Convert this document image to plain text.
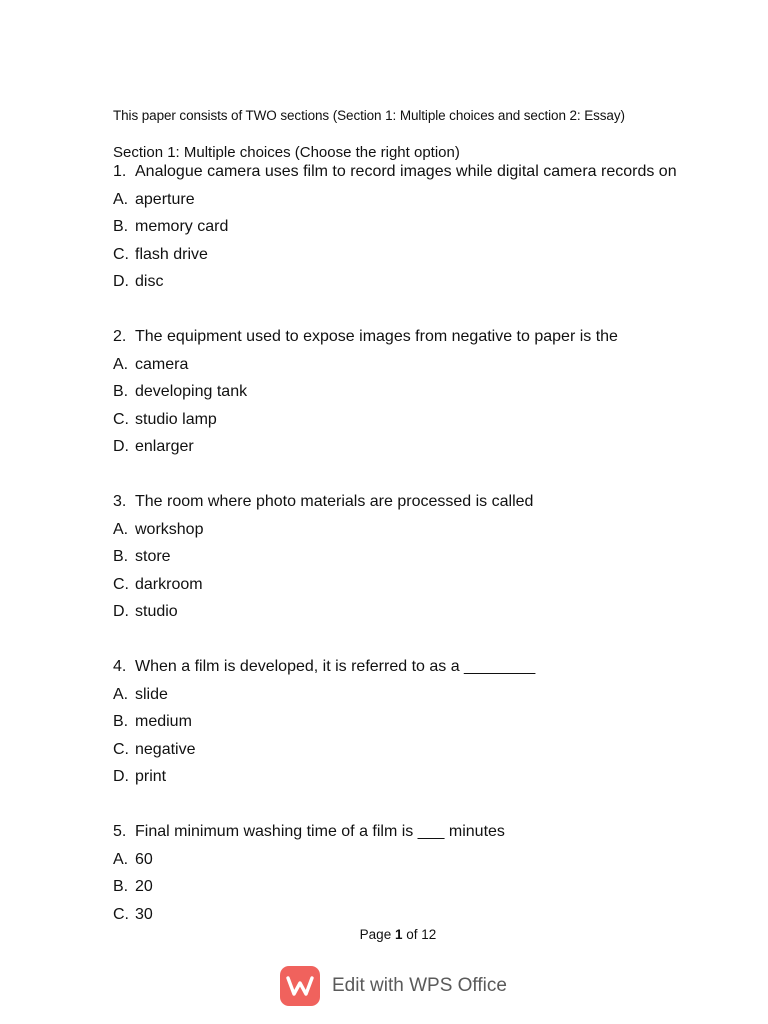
This paper consists of TWO sections (Section 1: Multiple choices and section 2: Essay)
Section 1: Multiple choices (Choose the right option)
1. Analogue camera uses film to record images while digital camera records on
A. aperture
B. memory card
C. flash drive
D. disc
2. The equipment used to expose images from negative to paper is the
A. camera
B. developing tank
C. studio lamp
D. enlarger
3. The room where photo materials are processed is called
A. workshop
B. store
C. darkroom
D. studio
4. When a film is developed, it is referred to as a ________
A. slide
B. medium
C. negative
D. print
5. Final minimum washing time of a film is ___ minutes
A. 60
B. 20
C. 30
Page 1 of 12
Edit with WPS Office
